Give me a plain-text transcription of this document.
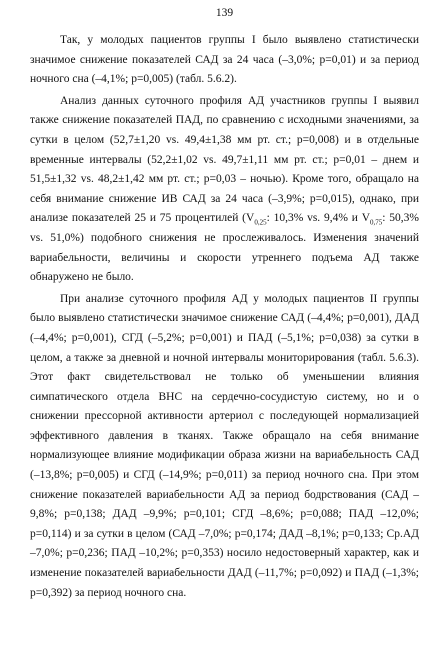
139

Так, у молодых пациентов группы I было выявлено статистически значимое снижение показателей САД за 24 часа (–3,0%; p=0,01) и за период ночного сна (–4,1%; p=0,005) (табл. 5.6.2).

Анализ данных суточного профиля АД участников группы I выявил также снижение показателей ПАД, по сравнению с исходными значениями, за сутки в целом (52,7±1,20 vs. 49,4±1,38 мм рт. ст.; p=0,008) и в отдельные временные интервалы (52,2±1,02 vs. 49,7±1,11 мм рт. ст.; p=0,01 – днем и 51,5±1,32 vs. 48,2±1,42 мм рт. ст.; p=0,03 – ночью). Кроме того, обращало на себя внимание снижение ИВ САД за 24 часа (–3,9%; p=0,015), однако, при анализе показателей 25 и 75 процентилей ($V_{0,25}$: 10,3% vs. 9,4% и $V_{0,75}$: 50,3% vs. 51,0%) подобного снижения не прослеживалось. Изменения значений вариабельности, величины и скорости утреннего подъема АД также обнаружено не было.

При анализе суточного профиля АД у молодых пациентов II группы было выявлено статистически значимое снижение САД (–4,4%; p=0,001), ДАД (–4,4%; p=0,001), СГД (–5,2%; p=0,001) и ПАД (–5,1%; p=0,038) за сутки в целом, а также за дневной и ночной интервалы мониторирования (табл. 5.6.3). Этот факт свидетельствовал не только об уменьшении влияния симпатического отдела ВНС на сердечно-сосудистую систему, но и о снижении прессорной активности артериол с последующей нормализацией эффективного давления в тканях. Также обращало на себя внимание нормализующее влияние модификации образа жизни на вариабельность САД (–13,8%; p=0,005) и СГД (–14,9%; p=0,011) за период ночного сна. При этом снижение показателей вариабельности АД за период бодрствования (САД – 9,8%; p=0,138; ДАД –9,9%; p=0,101; СГД –8,6%; p=0,088; ПАД –12,0%; p=0,114) и за сутки в целом (САД –7,0%; p=0,174; ДАД –8,1%; p=0,133; Ср.АД –7,0%; p=0,236; ПАД –10,2%; p=0,353) носило недостоверный характер, как и изменение показателей вариабельности ДАД (–11,7%; p=0,092) и ПАД (–1,3%; p=0,392) за период ночного сна.
